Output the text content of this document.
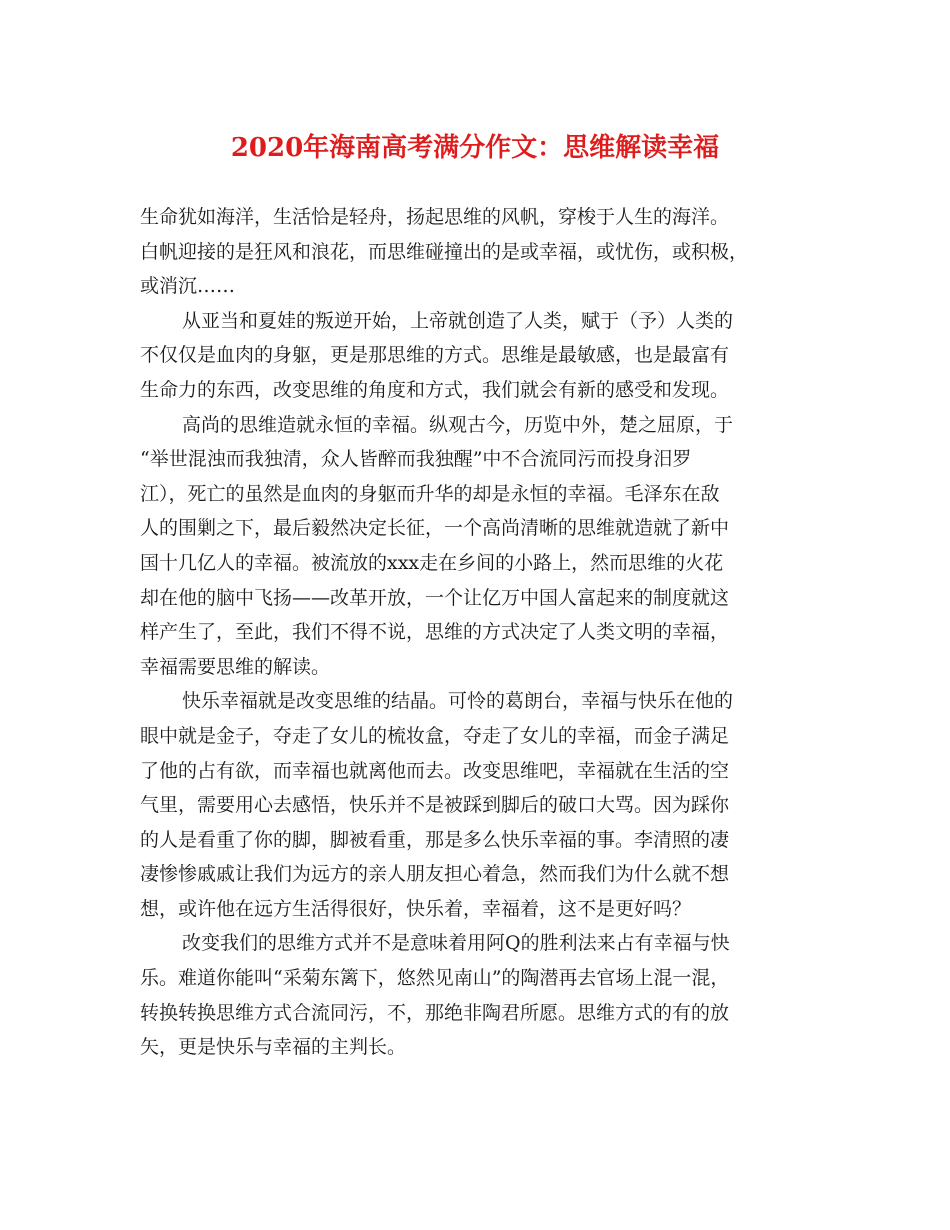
2020年海南高考满分作文：思维解读幸福
生命犹如海洋，生活恰是轻舟，扬起思维的风帆，穿梭于人生的海洋。
白帆迎接的是狂风和浪花，而思维碰撞出的是或幸福，或忧伤，或积极，
或消沉……
从亚当和夏娃的叛逆开始，上帝就创造了人类，赋于（予）人类的
不仅仅是血肉的身躯，更是那思维的方式。思维是最敏感，也是最富有
生命力的东西，改变思维的角度和方式，我们就会有新的感受和发现。
高尚的思维造就永恒的幸福。纵观古今，历览中外，楚之屈原，于
“举世混浊而我独清，众人皆醉而我独醒”中不合流同污而投身汨罗
江），死亡的虽然是血肉的身躯而升华的却是永恒的幸福。毛泽东在敌
人的围剿之下，最后毅然决定长征，一个高尚清晰的思维就造就了新中
国十几亿人的幸福。被流放的xxx走在乡间的小路上，然而思维的火花
却在他的脑中飞扬——改革开放，一个让亿万中国人富起来的制度就这
样产生了，至此，我们不得不说，思维的方式决定了人类文明的幸福，
幸福需要思维的解读。
快乐幸福就是改变思维的结晶。可怜的葛朗台，幸福与快乐在他的
眼中就是金子，夺走了女儿的梳妆盒，夺走了女儿的幸福，而金子满足
了他的占有欲，而幸福也就离他而去。改变思维吧，幸福就在生活的空
气里，需要用心去感悟，快乐并不是被踩到脚后的破口大骂。因为踩你
的人是看重了你的脚，脚被看重，那是多么快乐幸福的事。李清照的凄
凄惨惨戚戚让我们为远方的亲人朋友担心着急，然而我们为什么就不想
想，或许他在远方生活得很好，快乐着，幸福着，这不是更好吗？
改变我们的思维方式并不是意味着用阿Q的胜利法来占有幸福与快
乐。难道你能叫“采菊东篱下，悠然见南山”的陶潜再去官场上混一混，
转换转换思维方式合流同污，不，那绝非陶君所愿。思维方式的有的放
矢，更是快乐与幸福的主判长。
